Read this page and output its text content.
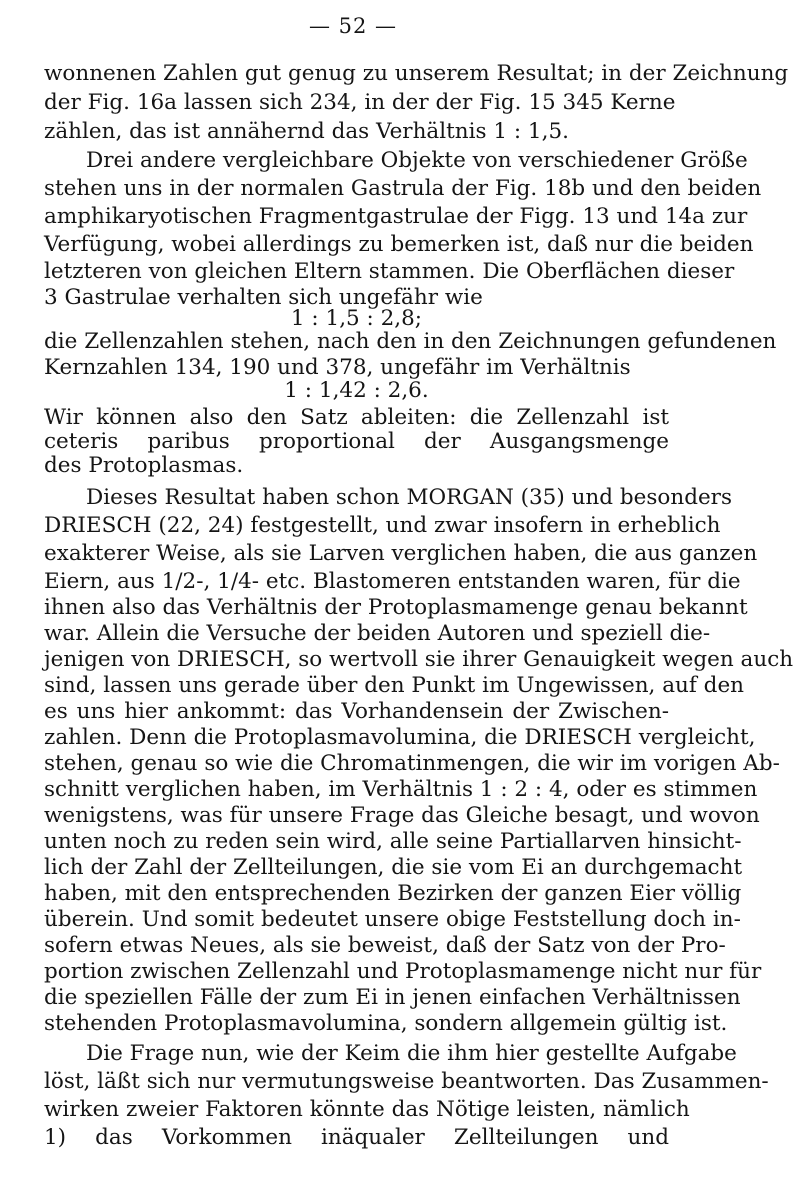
— 52 —
wonnenen Zahlen gut genug zu unserem Resultat; in der Zeichnung
der Fig. 16a lassen sich 234, in der der Fig. 15 345 Kerne
zählen, das ist annähernd das Verhältnis 1 : 1,5.
Drei andere vergleichbare Objekte von verschiedener Größe
stehen uns in der normalen Gastrula der Fig. 18b und den beiden
amphikaryotischen Fragmentgastrulae der Figg. 13 und 14a zur
Verfügung, wobei allerdings zu bemerken ist, daß nur die beiden
letzteren von gleichen Eltern stammen. Die Oberflächen dieser
3 Gastrulae verhalten sich ungefähr wie
1 : 1,5 : 2,8;
die Zellenzahlen stehen, nach den in den Zeichnungen gefundenen
Kernzahlen 134, 190 und 378, ungefähr im Verhältnis
1 : 1,42 : 2,6.
Wir können also den Satz ableiten: die Zellenzahl ist
ceteris paribus proportional der Ausgangsmenge
des Protoplasmas.
Dieses Resultat haben schon MORGAN (35) und besonders
DRIESCH (22, 24) festgestellt, und zwar insofern in erheblich
exakterer Weise, als sie Larven verglichen haben, die aus ganzen
Eiern, aus 1/2-, 1/4- etc. Blastomeren entstanden waren, für die
ihnen also das Verhältnis der Protoplasmamenge genau bekannt
war. Allein die Versuche der beiden Autoren und speziell die-
jenigen von DRIESCH, so wertvoll sie ihrer Genauigkeit wegen auch
sind, lassen uns gerade über den Punkt im Ungewissen, auf den
es uns hier ankommt: das Vorhandensein der Zwischen-
zahlen. Denn die Protoplasmavolumina, die DRIESCH vergleicht,
stehen, genau so wie die Chromatinmengen, die wir im vorigen Ab-
schnitt verglichen haben, im Verhältnis 1 : 2 : 4, oder es stimmen
wenigstens, was für unsere Frage das Gleiche besagt, und wovon
unten noch zu reden sein wird, alle seine Partiallarven hinsicht-
lich der Zahl der Zellteilungen, die sie vom Ei an durchgemacht
haben, mit den entsprechenden Bezirken der ganzen Eier völlig
überein. Und somit bedeutet unsere obige Feststellung doch in-
sofern etwas Neues, als sie beweist, daß der Satz von der Pro-
portion zwischen Zellenzahl und Protoplasmamenge nicht nur für
die speziellen Fälle der zum Ei in jenen einfachen Verhältnissen
stehenden Protoplasmavolumina, sondern allgemein gültig ist.
Die Frage nun, wie der Keim die ihm hier gestellte Aufgabe
löst, läßt sich nur vermutungsweise beantworten. Das Zusammen-
wirken zweier Faktoren könnte das Nötige leisten, nämlich
1) das Vorkommen inäqualer Zellteilungen und
